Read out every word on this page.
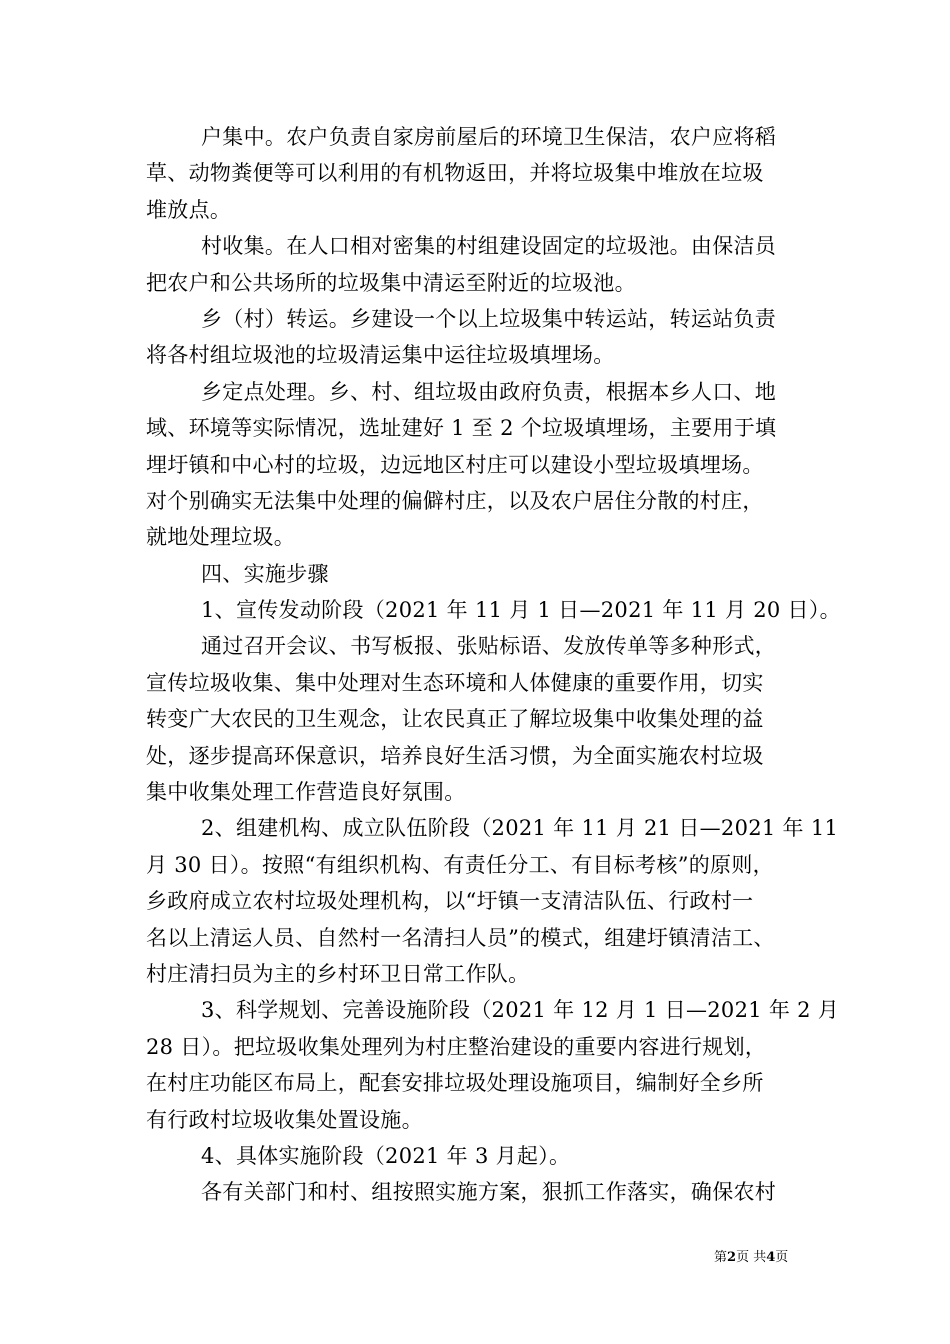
户集中。农户负责自家房前屋后的环境卫生保洁，农户应将稻
草、动物粪便等可以利用的有机物返田，并将垃圾集中堆放在垃圾
堆放点。
村收集。在人口相对密集的村组建设固定的垃圾池。由保洁员
把农户和公共场所的垃圾集中清运至附近的垃圾池。
乡（村）转运。乡建设一个以上垃圾集中转运站，转运站负责
将各村组垃圾池的垃圾清运集中运往垃圾填埋场。
乡定点处理。乡、村、组垃圾由政府负责，根据本乡人口、地
域、环境等实际情况，选址建好 1 至 2 个垃圾填埋场，主要用于填
埋圩镇和中心村的垃圾，边远地区村庄可以建设小型垃圾填埋场。
对个别确实无法集中处理的偏僻村庄，以及农户居住分散的村庄，
就地处理垃圾。
四、实施步骤
1、宣传发动阶段（2021 年 11 月 1 日—2021 年 11 月 20 日）。
通过召开会议、书写板报、张贴标语、发放传单等多种形式，
宣传垃圾收集、集中处理对生态环境和人体健康的重要作用，切实
转变广大农民的卫生观念，让农民真正了解垃圾集中收集处理的益
处，逐步提高环保意识，培养良好生活习惯，为全面实施农村垃圾
集中收集处理工作营造良好氛围。
2、组建机构、成立队伍阶段（2021 年 11 月 21 日—2021 年 11
月 30 日）。按照“有组织机构、有责任分工、有目标考核”的原则，
乡政府成立农村垃圾处理机构，以“圩镇一支清洁队伍、行政村一
名以上清运人员、自然村一名清扫人员”的模式，组建圩镇清洁工、
村庄清扫员为主的乡村环卫日常工作队。
3、科学规划、完善设施阶段（2021 年 12 月 1 日—2021 年 2 月
28 日）。把垃圾收集处理列为村庄整治建设的重要内容进行规划，
在村庄功能区布局上，配套安排垃圾处理设施项目，编制好全乡所
有行政村垃圾收集处置设施。
4、具体实施阶段（2021 年 3 月起）。
各有关部门和村、组按照实施方案，狠抓工作落实，确保农村
第2页 共4页
